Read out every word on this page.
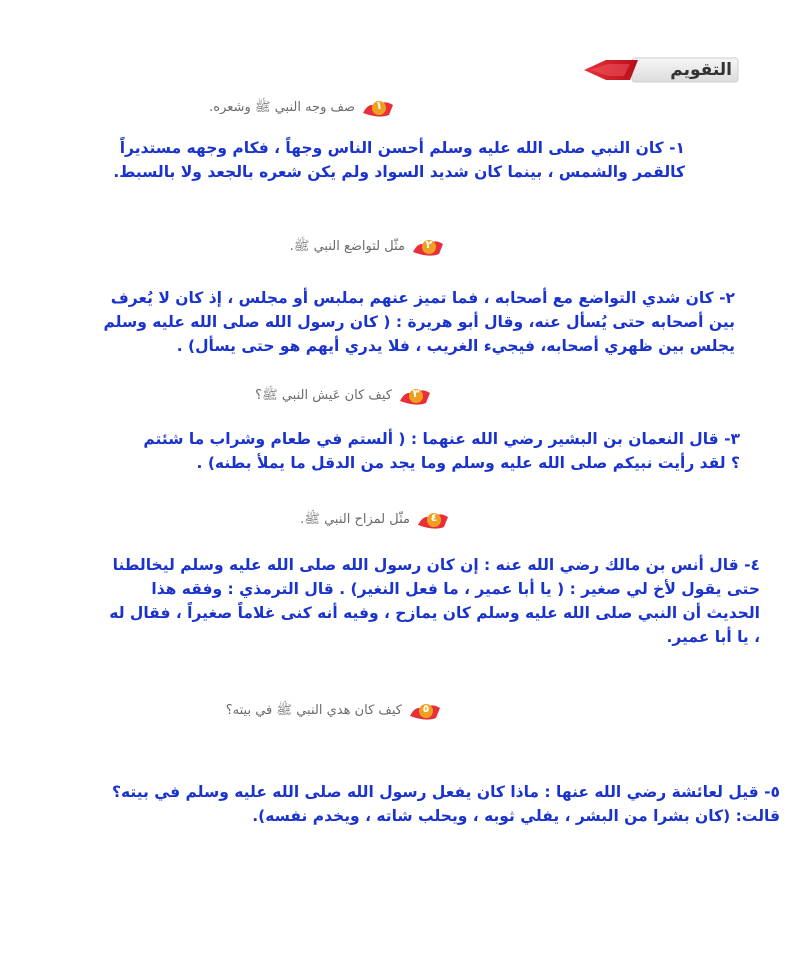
التقويم
١
صف وجه النبي ﷺ وشعره.
١- كان النبي صلى الله عليه وسلم أحسن الناس وجهاً ، فكام وجهه مستديراً كالقمر والشمس ، بينما كان شديد السواد ولم يكن شعره بالجعد ولا بالسبط.
٢
مثّل لتواضع النبي ﷺ.
٢- كان شدي التواضع مع أصحابه ، فما تميز عنهم بملبس أو مجلس ، إذ كان لا يُعرف بين أصحابه حتى يُسأل عنه، وقال أبو هريرة : ( كان رسول الله صلى الله عليه وسلم يجلس بين ظهري أصحابه، فيجيء الغريب ، فلا يدري أيهم هو حتى يسأل) .
٣
كيف كان عَيش النبي ﷺ؟
٣- قال النعمان بن البشير رضي الله عنهما : ( ألستم في طعام وشراب ما شئتم ؟ لقد رأيت نبيكم صلى الله عليه وسلم وما يجد من الدقل ما يملأ بطنه) .
٤
مثّل لمزاح النبي ﷺ.
٤- قال أنس بن مالك رضي الله عنه : إن كان رسول الله صلى الله عليه وسلم ليخالطنا حتى يقول لأخ لي صغير : ( يا أبا عمير ، ما فعل النغير) . قال الترمذي : وفقه هذا الحديث أن النبي صلى الله عليه وسلم كان يمازح ، وفيه أنه كنى غلاماً صغيراً ، فقال له ، يا أبا عمير.
٥
كيف كان هدي النبي ﷺ في بيته؟
٥- قيل لعائشة رضي الله عنها : ماذا كان يفعل رسول الله صلى الله عليه وسلم في بيته؟ قالت: (كان بشرا من البشر ، يفلي ثوبه ، ويحلب شاته ، ويخدم نفسه).
